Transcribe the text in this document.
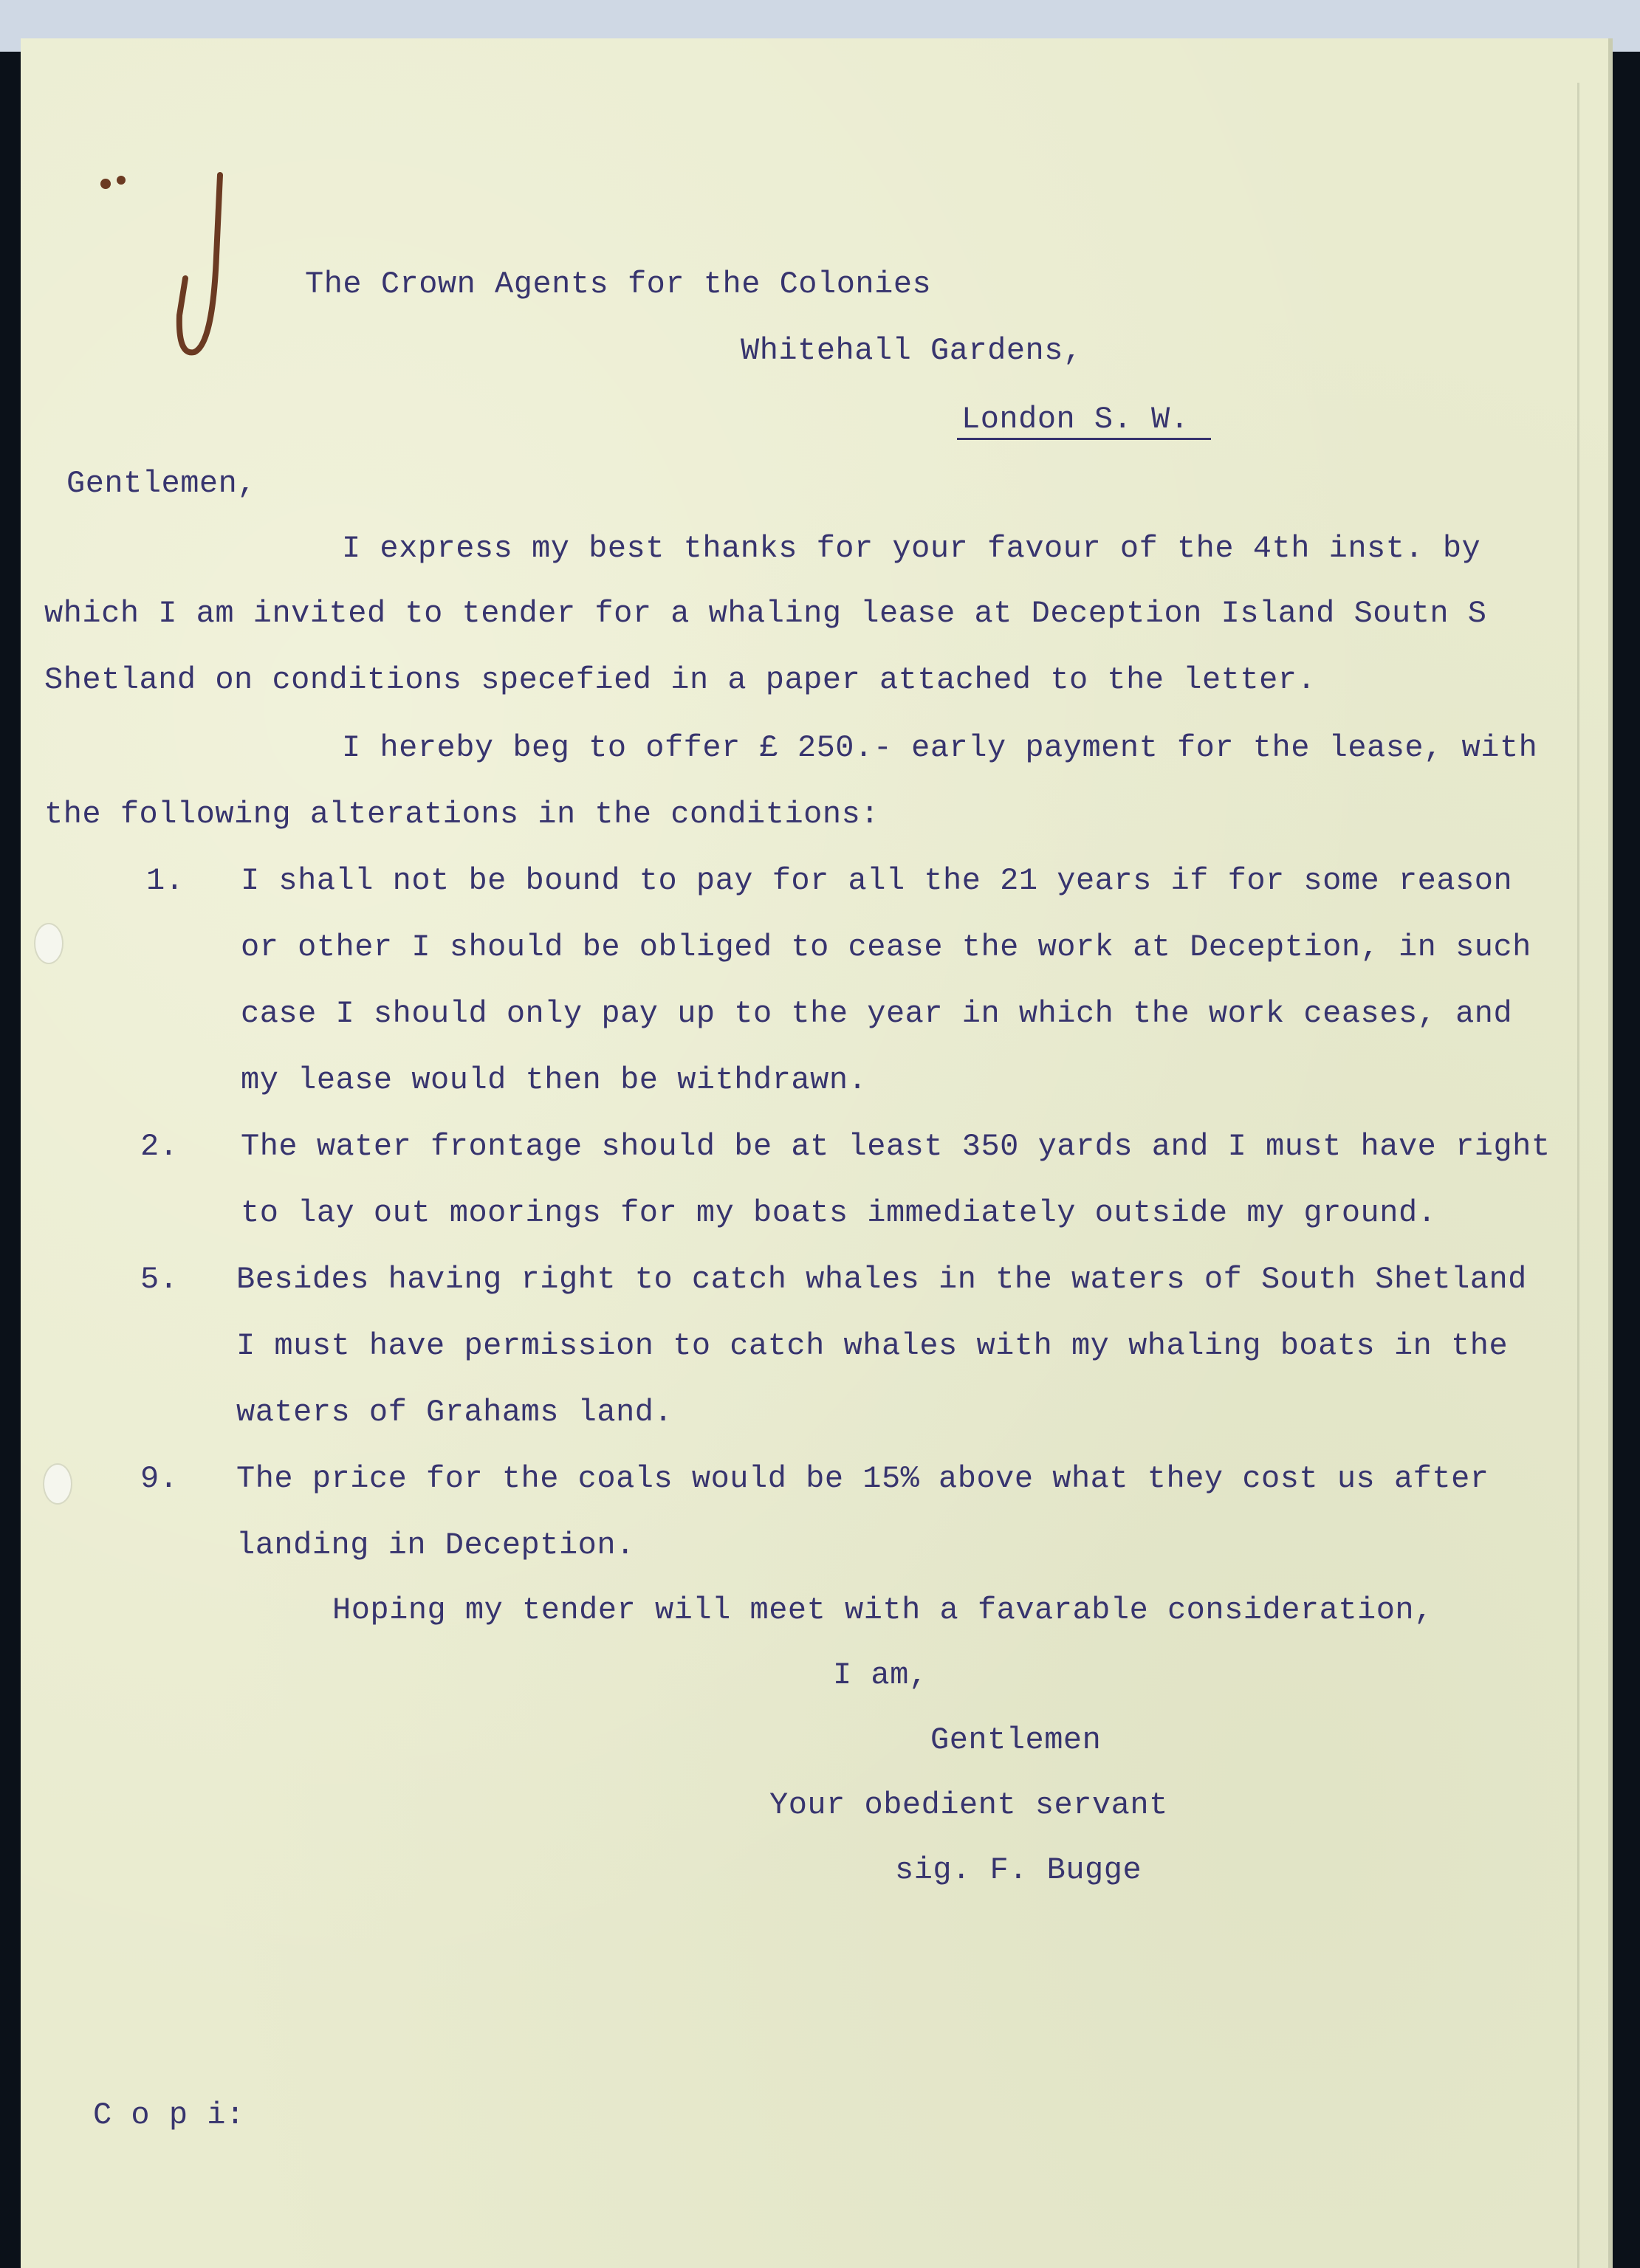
The Crown Agents for the Colonies

Whitehall Gardens,

London S. W.

Gentlemen,

I express my best thanks for your favour of the 4th inst. by

which I am invited to tender for a whaling lease at Deception Island Soutn S

Shetland on conditions specefied in a paper attached to the letter.

I hereby beg to offer £ 250.- early payment for the lease, with

the following alterations in the conditions:

1. I shall not be bound to pay for all the 21 years if for some reason

or other I should be obliged to cease the work at Deception, in such

case I should only pay up to the year in which the work ceases, and

my lease would then be withdrawn.

2. The water frontage should be at least 350 yards and I must have right

to lay out moorings for my boats immediately outside my ground.

5. Besides having right to catch whales in the waters of South Shetland

I must have permission to catch whales with my whaling boats in the

waters of Grahams land.

9. The price for the coals would be 15% above what they cost us after

landing in Deception.

Hoping my tender will meet with a favarable consideration,

I am,

Gentlemen

Your obedient servant

sig. F. Bugge

C o p i:
